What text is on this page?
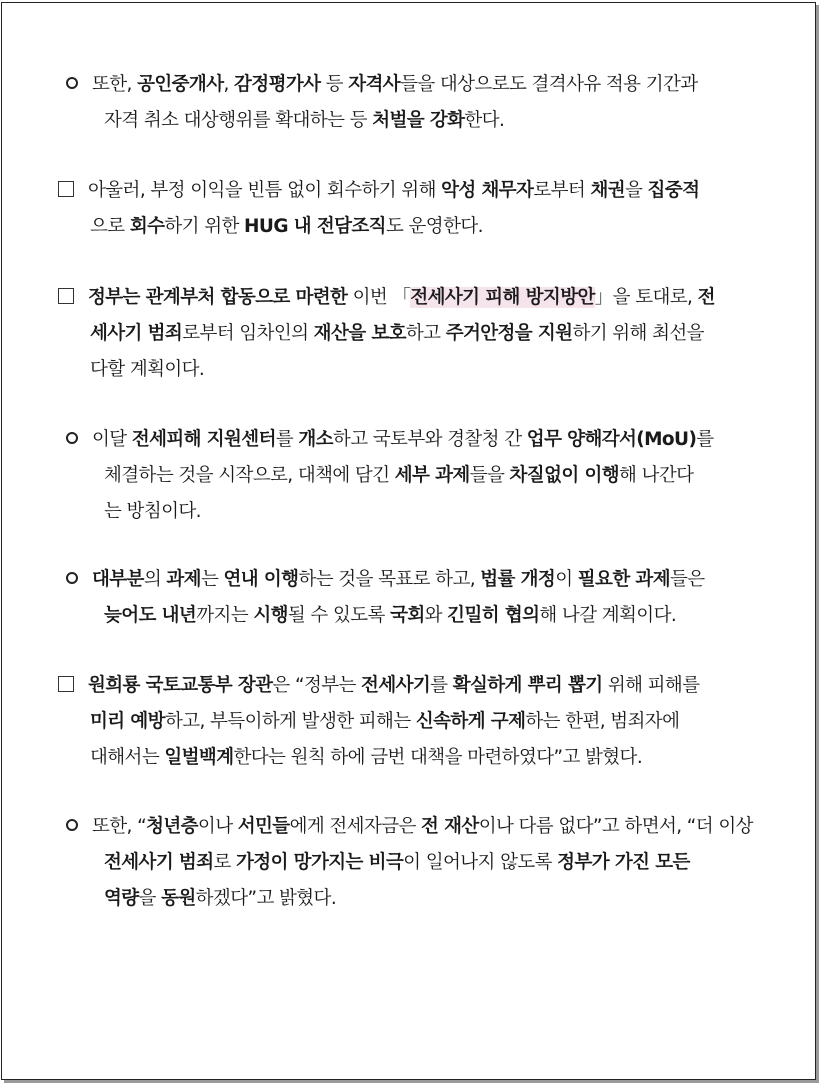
또한, 공인중개사, 감정평가사 등 자격사들을 대상으로도 결격사유 적용 기간과
자격 취소 대상행위를 확대하는 등 처벌을 강화한다.
아울러, 부정 이익을 빈틈 없이 회수하기 위해 악성 채무자로부터 채권을 집중적
으로 회수하기 위한 HUG 내 전담조직도 운영한다.
정부는 관계부처 합동으로 마련한 이번 「전세사기 피해 방지방안」을 토대로, 전
세사기 범죄로부터 임차인의 재산을 보호하고 주거안정을 지원하기 위해 최선을
다할 계획이다.
이달 전세피해 지원센터를 개소하고 국토부와 경찰청 간 업무 양해각서(MoU)를
체결하는 것을 시작으로, 대책에 담긴 세부 과제들을 차질없이 이행해 나간다
는 방침이다.
대부분의 과제는 연내 이행하는 것을 목표로 하고, 법률 개정이 필요한 과제들은
늦어도 내년까지는 시행될 수 있도록 국회와 긴밀히 협의해 나갈 계획이다.
원희룡 국토교통부 장관은 “정부는 전세사기를 확실하게 뿌리 뽑기 위해 피해를
미리 예방하고, 부득이하게 발생한 피해는 신속하게 구제하는 한편, 범죄자에
대해서는 일벌백계한다는 원칙 하에 금번 대책을 마련하였다”고 밝혔다.
또한, “청년층이나 서민들에게 전세자금은 전 재산이나 다름 없다”고 하면서, “더 이상
전세사기 범죄로 가정이 망가지는 비극이 일어나지 않도록 정부가 가진 모든
역량을 동원하겠다”고 밝혔다.
